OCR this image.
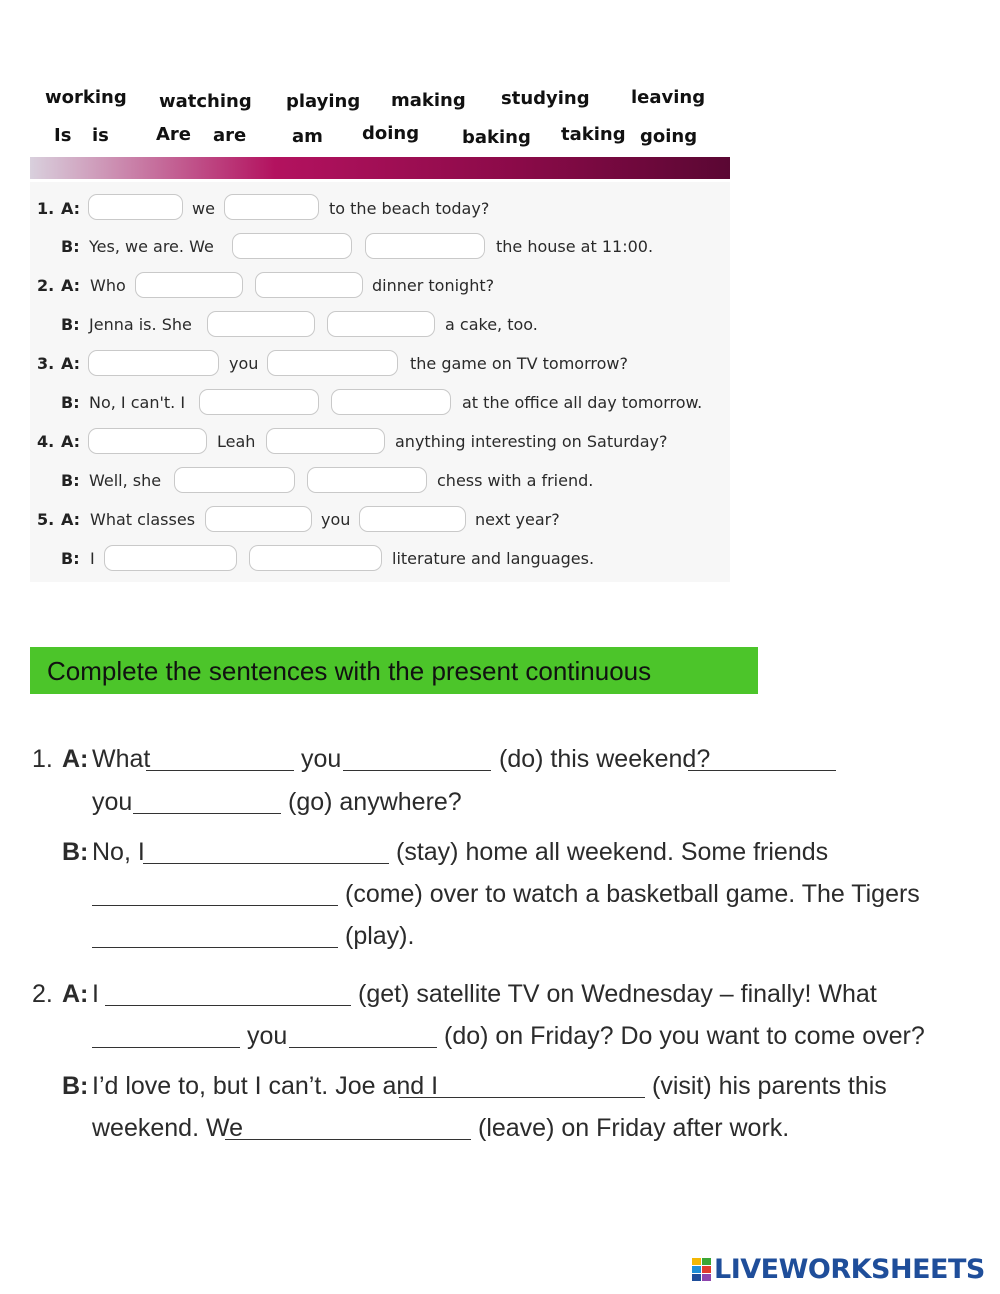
working watching playing making studying leaving
Is is	Are are	am doing baking taking going
1. A:	we	to the beach today?
B: Yes, we are. We	the house at 11:00.
2. A: Who	dinner tonight?
B: Jenna is. She	a cake, too.
3. A:	you	the game on TV tomorrow?
B: No, I can't. I	at the office all day tomorrow.
4. A:	Leah	anything interesting on Saturday?
B: Well, she	chess with a friend.
5. A: What classes	you	next year?
B: I	literature and languages.
Complete the sentences with the present continuous
1. A: What	you	(do) this weekend?
you	(go) anywhere?
B: No, I	(stay) home all weekend. Some friends
(come) over to watch a basketball game. The Tigers
(play).
2. A: I	(get) satellite TV on Wednesday – finally! What
you	(do) on Friday? Do you want to come over?
B: I’d love to, but I can’t. Joe and I	(visit) his parents this
weekend. We	(leave) on Friday after work.
LIVEWORKSHEETS
